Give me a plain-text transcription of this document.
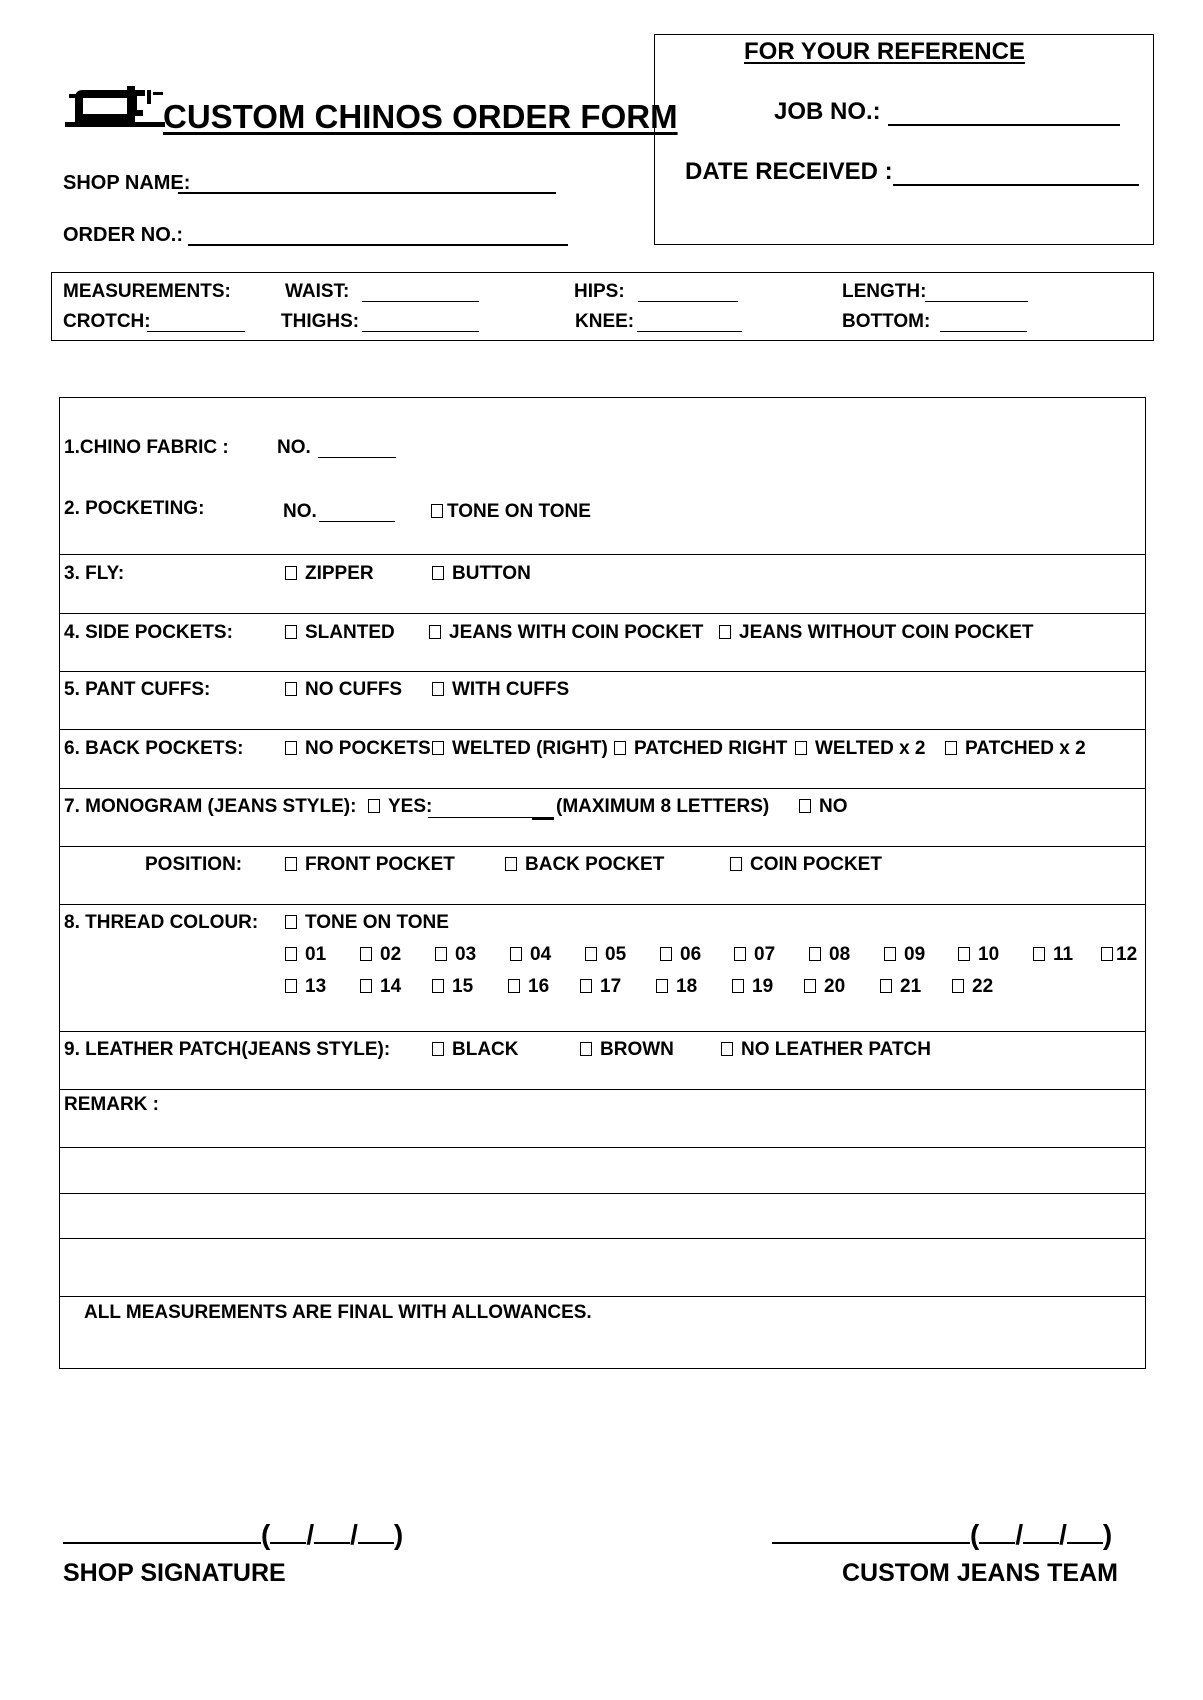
CUSTOM CHINOS ORDER FORM
SHOP NAME:
ORDER NO.:
FOR YOUR REFERENCE
JOB NO.:
DATE RECEIVED :
MEASUREMENTS:	WAIST:	HIPS:	LENGTH:
CROTCH:	THIGHS:	KNEE:	BOTTOM:
1.CHINO FABRIC :	NO.
2. POCKETING:	NO.	TONE ON TONE
3. FLY:	ZIPPER	BUTTON
4. SIDE POCKETS:	SLANTED	JEANS WITH COIN POCKET	JEANS WITHOUT COIN POCKET
5. PANT CUFFS:	NO CUFFS	WITH CUFFS
6. BACK POCKETS:	NO POCKETS	WELTED (RIGHT)	PATCHED RIGHT	WELTED x 2	PATCHED x 2
7. MONOGRAM (JEANS STYLE):	YES:	(MAXIMUM 8 LETTERS)	NO
POSITION:	FRONT POCKET	BACK POCKET	COIN POCKET
8. THREAD COLOUR:	TONE ON TONE
01	02	03	04	05	06	07	08	09	10	11	12
13	14	15	16	17	18	19	20	21	22
9. LEATHER PATCH(JEANS STYLE):	BLACK	BROWN	NO LEATHER PATCH
REMARK :
ALL MEASUREMENTS ARE FINAL WITH ALLOWANCES.
( / / )
SHOP SIGNATURE
( / / )
CUSTOM JEANS TEAM
